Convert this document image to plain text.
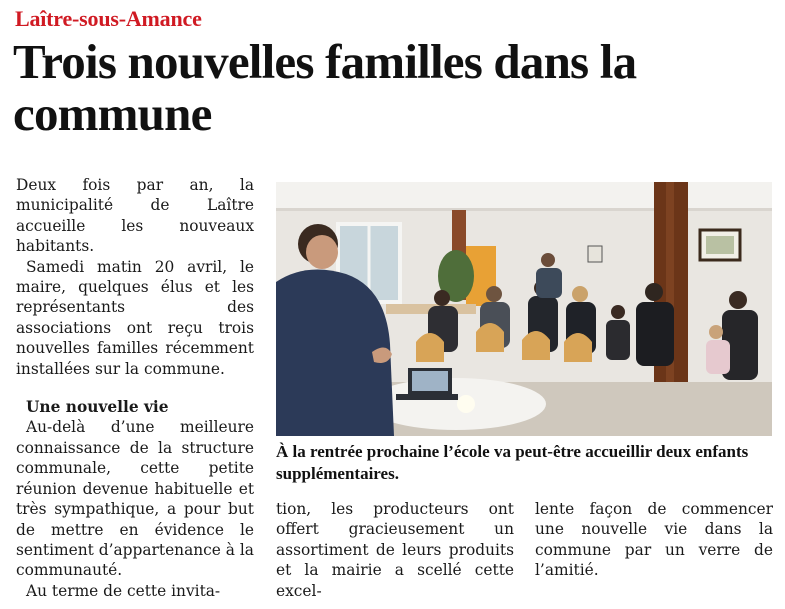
Laître-sous-Amance
Trois nouvelles familles dans la commune

Deux fois par an, la municipalité de Laître accueille les nouveaux habitants.

Samedi matin 20 avril, le maire, quelques élus et les représentants des associations ont reçu trois nouvelles familles récemment installées sur la commune.

Une nouvelle vie

Au-delà d’une meilleure connaissance de la structure communale, cette petite réunion devenue habituelle et très sympathique, a pour but de mettre en évidence le sentiment d’appartenance à la communauté.

Au terme de cette invita-

À la rentrée prochaine l’école va peut-être accueillir deux enfants supplémentaires.

tion, les producteurs ont offert gracieusement un assortiment de leurs produits et la mairie a scellé cette excel-

lente façon de commencer une nouvelle vie dans la commune par un verre de l’amitié.
